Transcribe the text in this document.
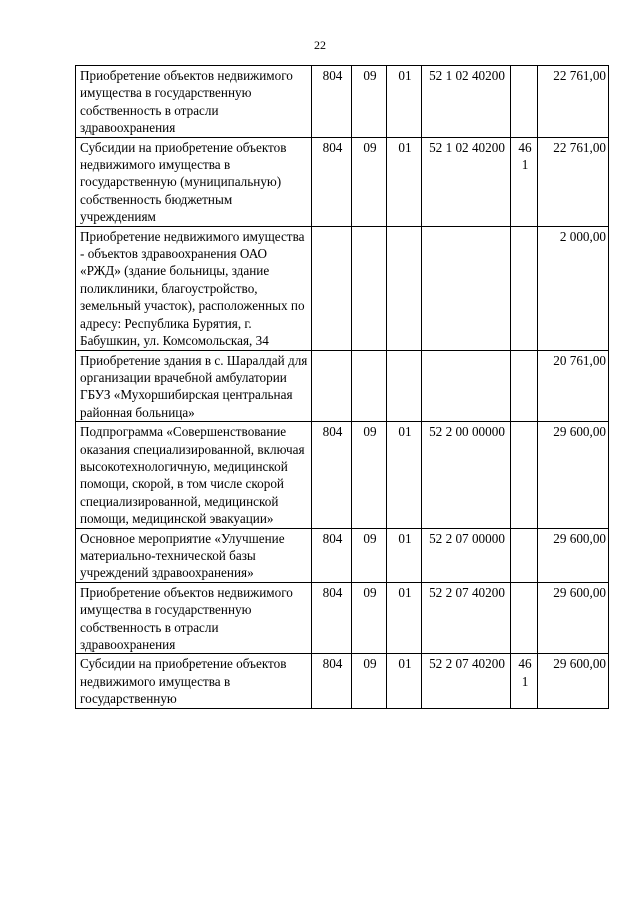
22
Приобретение объектов недвижимого имущества в государственную собственность в отрасли здравоохранения	804	09	01	52 1 02 40200		22 761,00

Субсидии на приобретение объектов недвижимого имущества в государственную (муниципальную) собственность бюджетным учреждениям	804	09	01	52 1 02 40200	46 1	22 761,00

Приобретение недвижимого имущества - объектов здравоохранения ОАО «РЖД» (здание больницы, здание поликлиники, благоустройство, земельный участок), расположенных по адресу: Республика Бурятия, г. Бабушкин, ул. Комсомольская, 34						2 000,00

Приобретение здания в с. Шаралдай для организации врачебной амбулатории ГБУЗ «Мухоршибирская центральная районная больница»						20 761,00

Подпрограмма «Совершенствование оказания специализированной, включая высокотехнологичную, медицинской помощи, скорой, в том числе скорой специализированной, медицинской помощи, медицинской эвакуации»	804	09	01	52 2 00 00000		29 600,00

Основное мероприятие «Улучшение материально-технической базы учреждений здравоохранения»	804	09	01	52 2 07 00000		29 600,00

Приобретение объектов недвижимого имущества в государственную собственность в отрасли здравоохранения	804	09	01	52 2 07 40200		29 600,00

Субсидии на приобретение объектов недвижимого имущества в государственную	804	09	01	52 2 07 40200	46 1	29 600,00
